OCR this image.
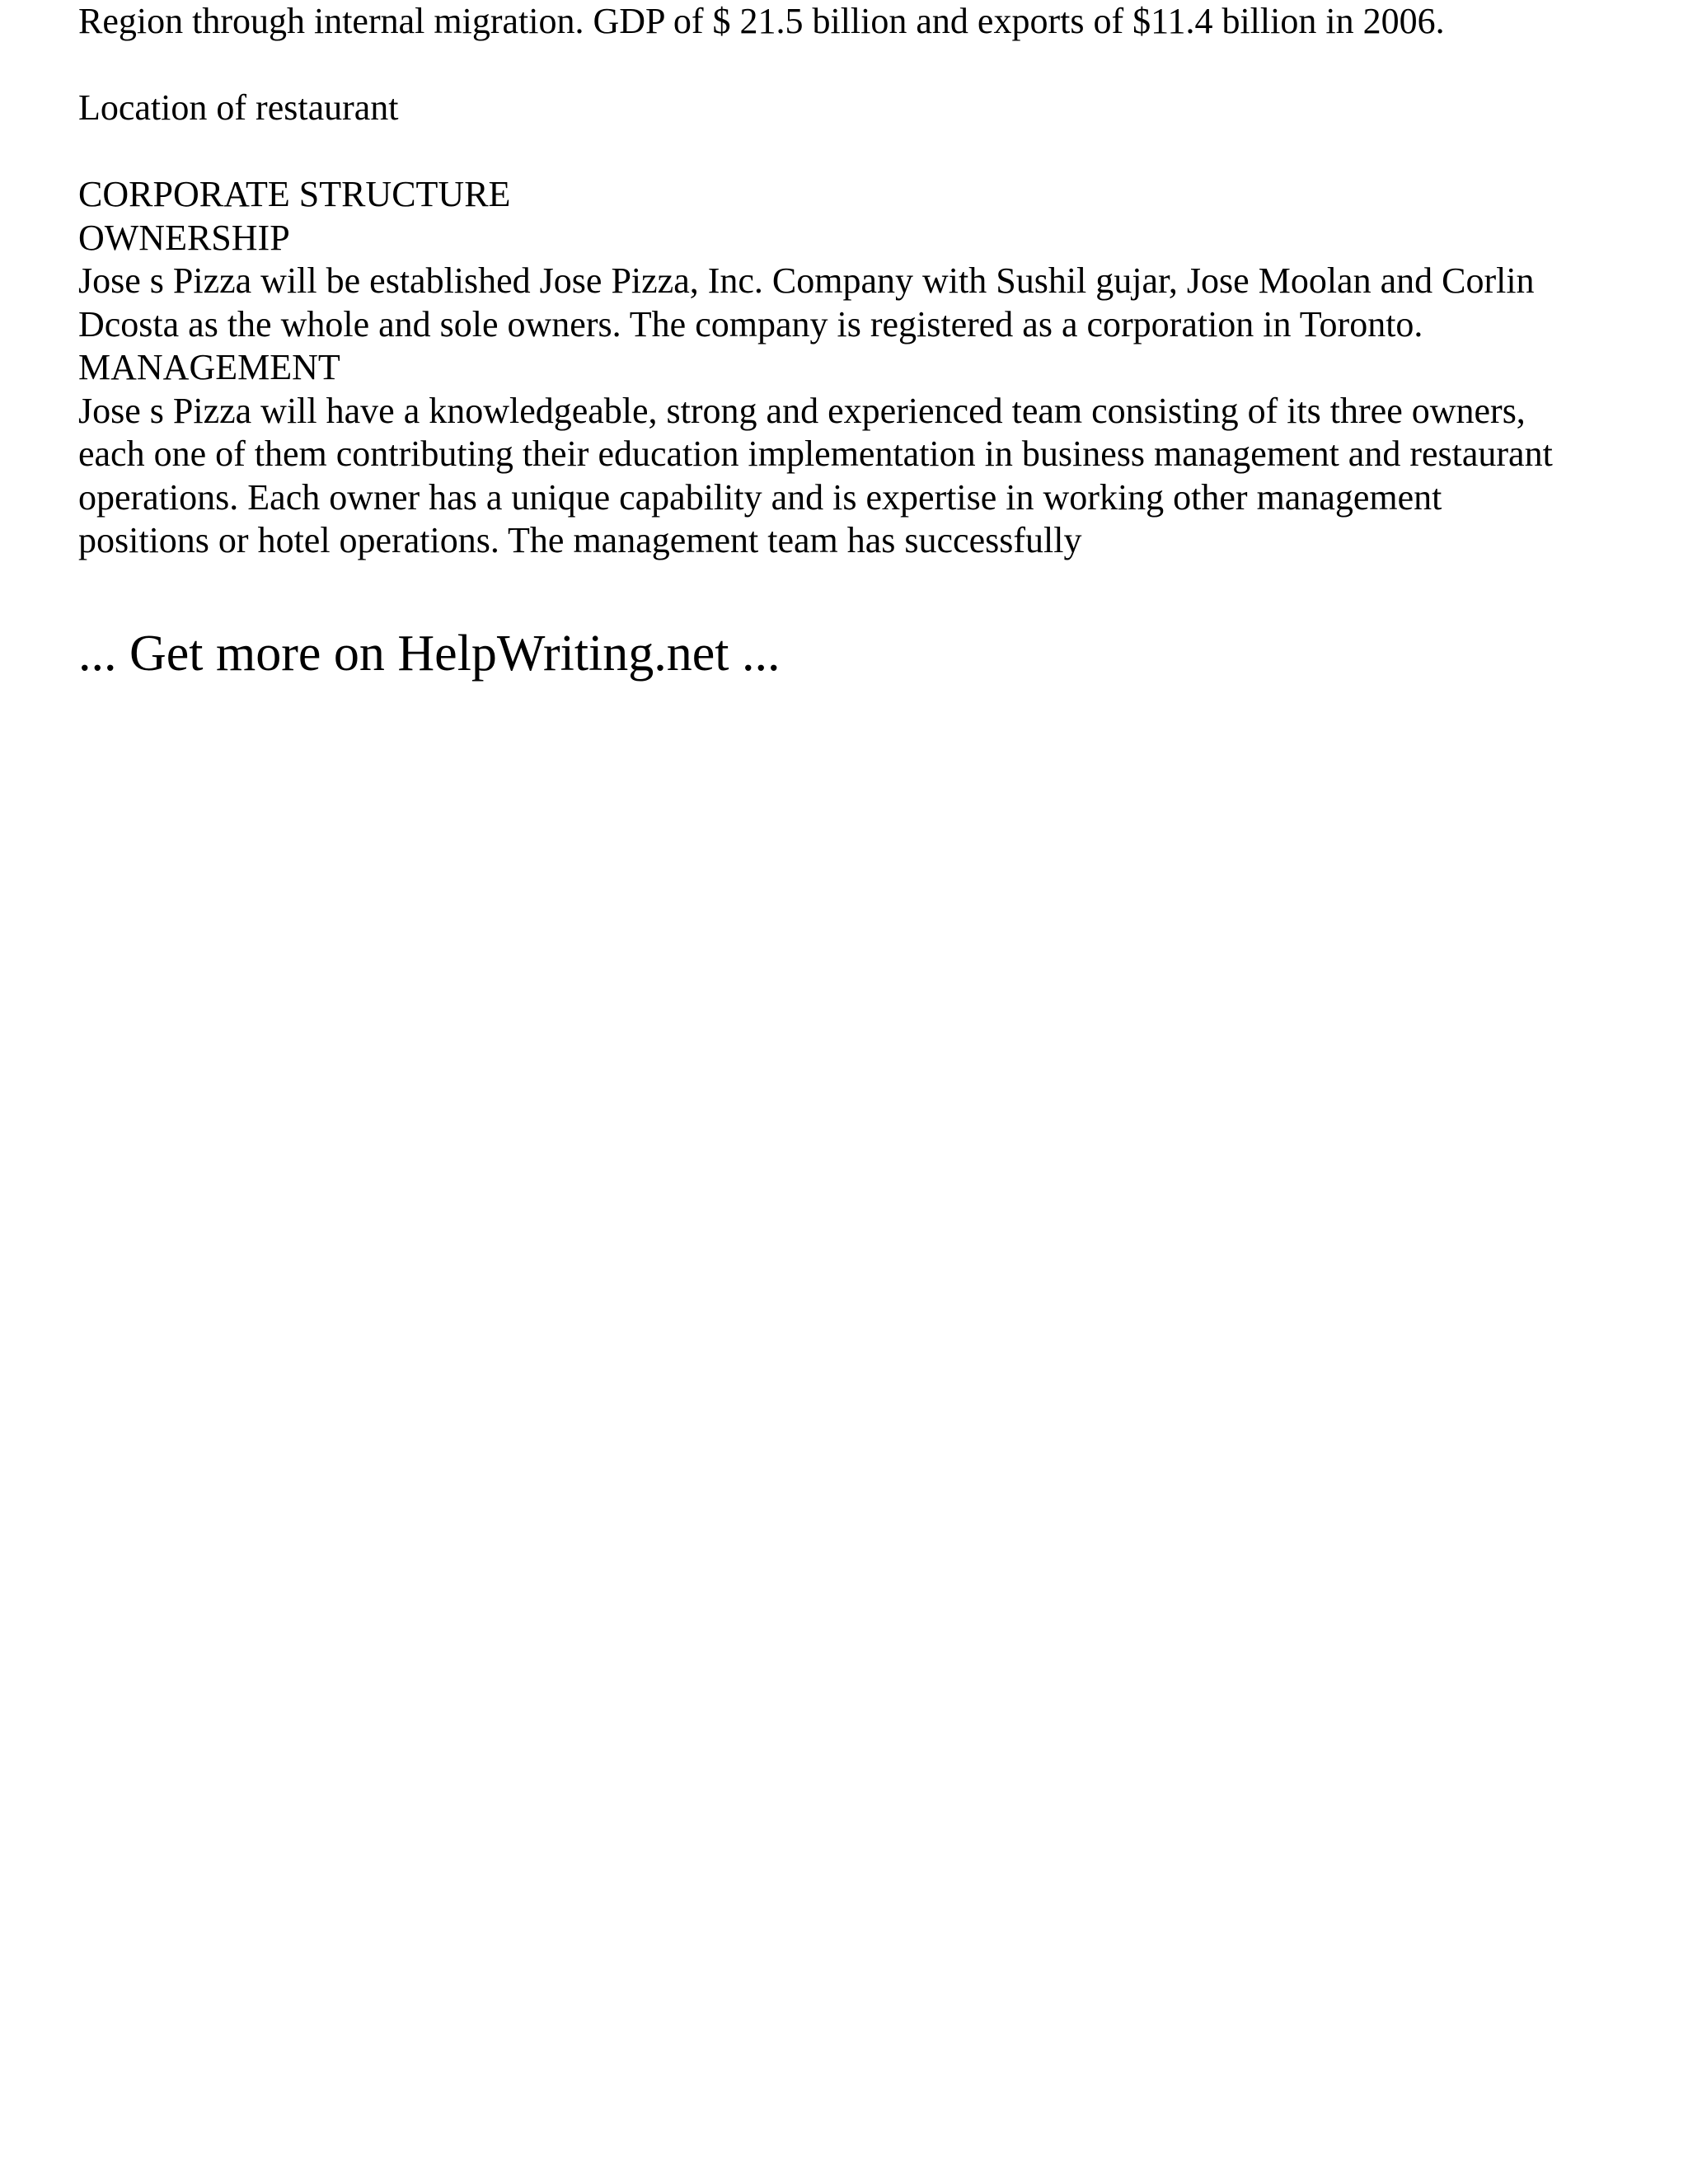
Region through internal migration. GDP of $ 21.5 billion and exports of $11.4 billion in 2006.

Location of restaurant

CORPORATE STRUCTURE

OWNERSHIP

Jose s Pizza will be established Jose Pizza, Inc. Company with Sushil gujar, Jose Moolan and Corlin

Dcosta as the whole and sole owners. The company is registered as a corporation in Toronto.

MANAGEMENT

Jose s Pizza will have a knowledgeable, strong and experienced team consisting of its three owners,

each one of them contributing their education implementation in business management and restaurant

operations. Each owner has a unique capability and is expertise in working other management

positions or hotel operations. The management team has successfully

... Get more on HelpWriting.net ...
